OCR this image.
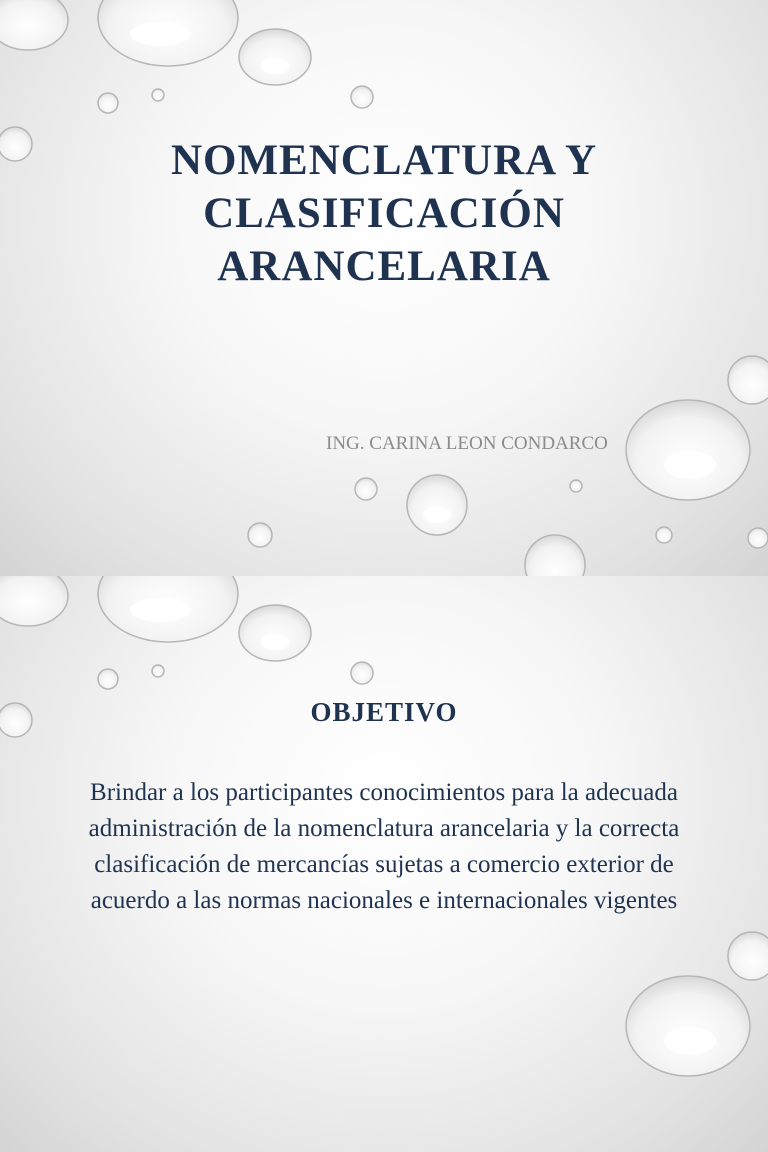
NOMENCLATURA Y CLASIFICACIÓN ARANCELARIA

ING. CARINA LEON CONDARCO

OBJETIVO

Brindar a los participantes conocimientos para la adecuada administración de la nomenclatura arancelaria y la correcta clasificación de mercancías sujetas a comercio exterior de acuerdo a las normas nacionales e internacionales vigentes
